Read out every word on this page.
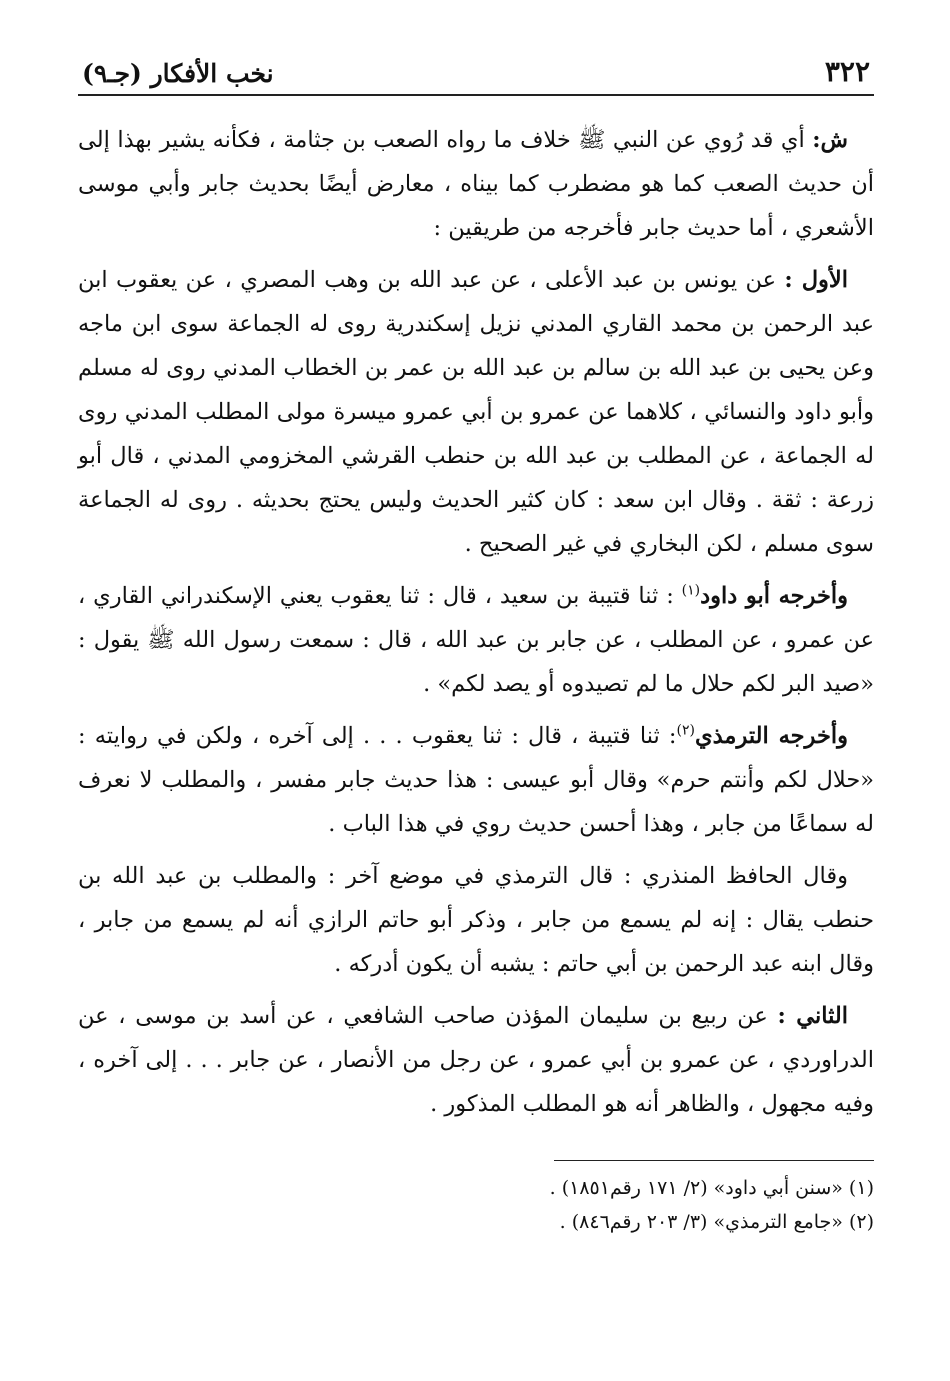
٣٢٢
نخب الأفكار (جـ٩)

ش: أي قد رُوي عن النبي ﷺ خلاف ما رواه الصعب بن جثامة ، فكأنه يشير بهذا إلى أن حديث الصعب كما هو مضطرب كما بيناه ، معارض أيضًا بحديث جابر وأبي موسى الأشعري ، أما حديث جابر فأخرجه من طريقين :

الأول : عن يونس بن عبد الأعلى ، عن عبد الله بن وهب المصري ، عن يعقوب ابن عبد الرحمن بن محمد القاري المدني نزيل إسكندرية روى له الجماعة سوى ابن ماجه وعن يحيى بن عبد الله بن سالم بن عبد الله بن عمر بن الخطاب المدني روى له مسلم وأبو داود والنسائي ، كلاهما عن عمرو بن أبي عمرو ميسرة مولى المطلب المدني روى له الجماعة ، عن المطلب بن عبد الله بن حنطب القرشي المخزومي المدني ، قال أبو زرعة : ثقة . وقال ابن سعد : كان كثير الحديث وليس يحتج بحديثه . روى له الجماعة سوى مسلم ، لكن البخاري في غير الصحيح .

وأخرجه أبو داود$^{(١)}$ : ثنا قتيبة بن سعيد ، قال : ثنا يعقوب يعني الإسكندراني القاري ، عن عمرو ، عن المطلب ، عن جابر بن عبد الله ، قال : سمعت رسول الله ﷺ يقول : «صيد البر لكم حلال ما لم تصيدوه أو يصد لكم» .

وأخرجه الترمذي$^{(٢)}$: ثنا قتيبة ، قال : ثنا يعقوب . . . إلى آخره ، ولكن في روايته : «حلال لكم وأنتم حرم» وقال أبو عيسى : هذا حديث جابر مفسر ، والمطلب لا نعرف له سماعًا من جابر ، وهذا أحسن حديث روي في هذا الباب .

وقال الحافظ المنذري : قال الترمذي في موضع آخر : والمطلب بن عبد الله بن حنطب يقال : إنه لم يسمع من جابر ، وذكر أبو حاتم الرازي أنه لم يسمع من جابر ، وقال ابنه عبد الرحمن بن أبي حاتم : يشبه أن يكون أدركه .

الثاني : عن ربيع بن سليمان المؤذن صاحب الشافعي ، عن أسد بن موسى ، عن الدراوردي ، عن عمرو بن أبي عمرو ، عن رجل من الأنصار ، عن جابر . . . إلى آخره ، وفيه مجهول ، والظاهر أنه هو المطلب المذكور .

(١) «سنن أبي داود» (٢/ ١٧١ رقم١٨٥١) .

(٢) «جامع الترمذي» (٣/ ٢٠٣ رقم٨٤٦) .
